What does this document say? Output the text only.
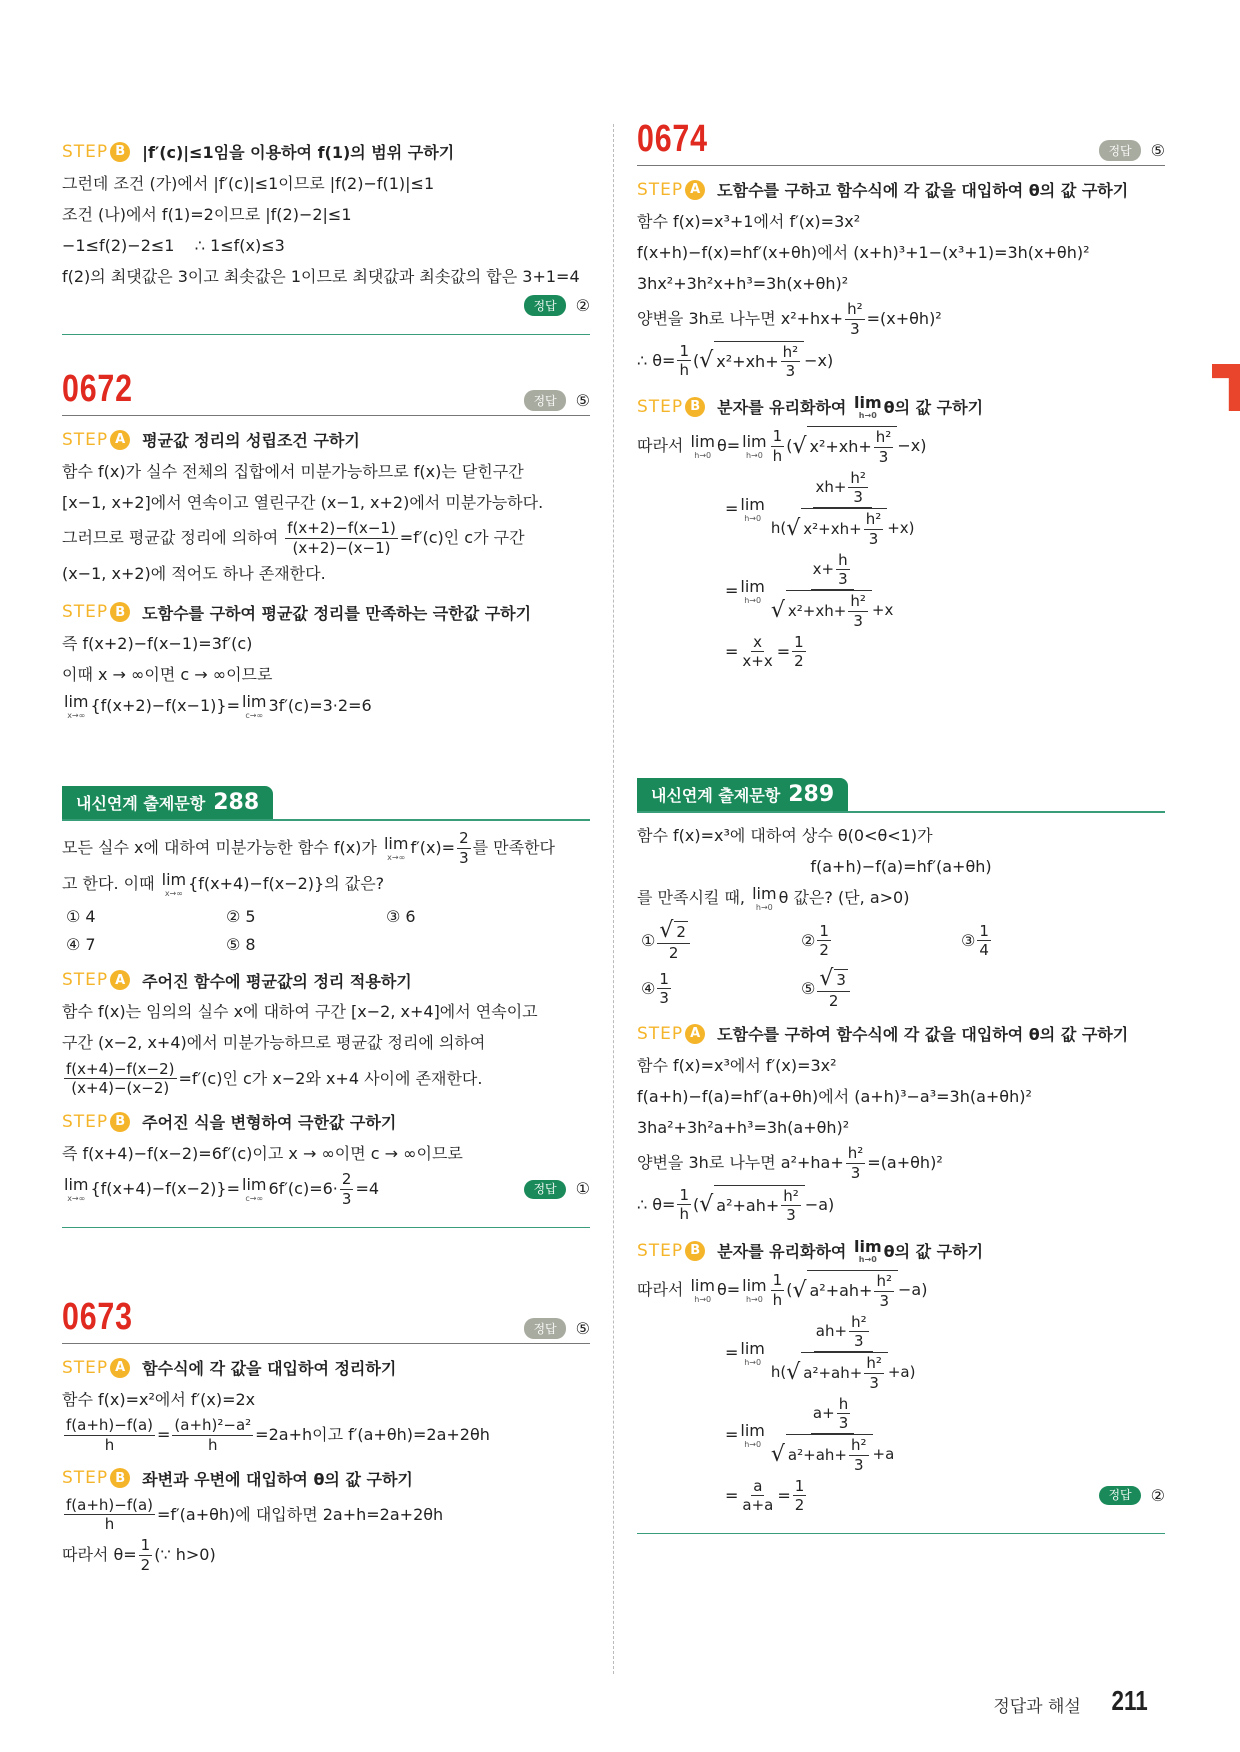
STEP B	|f′(c)|≤1임을 이용하여 f(1)의 범위 구하기
그런데 조건 (가)에서 |f′(c)|≤1이므로 |f(2)−f(1)|≤1
조건 (나)에서 f(1)=2이므로 |f(2)−2|≤1
−1≤f(2)−2≤1    ∴ 1≤f(x)≤3
f(2)의 최댓값은 3이고 최솟값은 1이므로 최댓값과 최솟값의 합은 3+1=4
정답	②
0672	정답	⑤
STEP A	평균값 정리의 성립조건 구하기
함수 f(x)가 실수 전체의 집합에서 미분가능하므로 f(x)는 닫힌구간
[x−1, x+2]에서 연속이고 열린구간 (x−1, x+2)에서 미분가능하다.
그러므로 평균값 정리에 의하여 $\frac{f(x+2)-f(x-1)}{(x+2)-(x-1)} =f'(c)$인 c가 구간
(x−1, x+2)에 적어도 하나 존재한다.
STEP B	도함수를 구하여 평균값 정리를 만족하는 극한값 구하기
즉 f(x+2)−f(x−1)=3f′(c)
이때 x → ∞이면 c → ∞이므로
lim
x→∞
{f(x+2)−f(x−1)}= lim
c→∞
3f′(c)=3·2=6
내신연계 출제문항 288
모든 실수 x에 대하여 미분가능한 함수 f(x)가 lim
x→∞
$f'(x)= \frac{2}{3}$ 를 만족한다
고 한다. 이때 lim
x→∞
{f(x+4)−f(x−2)}의 값은?
① 4	② 5	③ 6
④ 7	⑤ 8
STEP A	주어진 함수에 평균값의 정리 적용하기
함수 f(x)는 임의의 실수 x에 대하여 구간 [x−2, x+4]에서 연속이고
구간 (x−2, x+4)에서 미분가능하므로 평균값 정리에 의하여
$\frac{f(x+4)-f(x-2)}{(x+4)-(x-2)} =f'(c)$인 c가 x−2와 x+4 사이에 존재한다.
STEP B	주어진 식을 변형하여 극한값 구하기
즉 f(x+4)−f(x−2)=6f′(c)이고 x → ∞이면 c → ∞이므로
lim
x→∞
{f(x+4)−f(x−2)}= lim
c→∞
$6f'(c)=6\cdot \frac{2}{3} =4$	정답	①
0673	정답	⑤
STEP A	함수식에 각 값을 대입하여 정리하기
함수 f(x)=x²에서 f′(x)=2x
$\frac{f(a+h)-f(a)}{h} = \frac{\text{(a+h)²−a²}}{h} =2a+h$이고 f′(a+θh)=2a+2θh
STEP B	좌변과 우변에 대입하여 θ의 값 구하기
$\frac{f(a+h)-f(a)}{h} =f'(a+\theta h)$에 대입하면 2a+h=2a+2θh
따라서 $\theta= \frac{1}{2}$ (∵ h>0)
0674	정답	⑤
STEP A	도함수를 구하고 함수식에 각 값을 대입하여 θ의 값 구하기
함수 f(x)=x³+1에서 f′(x)=3x²
f(x+h)−f(x)=hf′(x+θh)에서 (x+h)³+1−(x³+1)=3h(x+θh)²
3hx²+3h²x+h³=3h(x+θh)²
양변을 3h로 나누면 $x^2+hx+ \frac{\text{h²}}{3} =(x+\theta h)^2$
∴ $\theta= \frac{1}{h}$ ( √ $x^2+xh+ \frac{\text{h²}}{3} -x$)
STEP B	분자를 유리화하여 lim
h→0 θ의 값 구하기
따라서 lim
h→0
θ= lim
$h\to 0 \frac{1}{h}$ ( √ $x^2+xh+ \frac{\text{h²}}{3} -x$)
= lim
$h\to 0 \frac{xh+ \frac{\text{h²}}{3}}{h( √ x^2+xh+ \frac{\text{h²}}{3} +x)}$
= lim
h→0 $x+ \frac{h}{3}$
√ $x^2+xh+ \frac{\text{h²}}{3} +x$
= $\frac{x}{x+x} = \frac{1}{2}$
내신연계 출제문항 289
함수 f(x)=x³에 대하여 상수 θ(0<θ<1)가
f(a+h)−f(a)=hf′(a+θh)
를 만족시킬 때, lim
h→0
θ 값은? (단, a>0)
① √ $\frac{2}{2}$	② $\frac{1}{2}$	③ $\frac{1}{4}$
④ $\frac{1}{3}$	⑤ √ $\frac{3}{2}$
STEP A	도함수를 구하여 함수식에 각 값을 대입하여 θ의 값 구하기
함수 f(x)=x³에서 f′(x)=3x²
f(a+h)−f(a)=hf′(a+θh)에서 (a+h)³−a³=3h(a+θh)²
3ha²+3h²a+h³=3h(a+θh)²
양변을 3h로 나누면 $a^2+ha+ \frac{\text{h²}}{3} =(a+\theta h)^2$
∴ $\theta= \frac{1}{h}$ ( √ $a^2+ah+ \frac{\text{h²}}{3} -a$)
STEP B	분자를 유리화하여 lim
h→0 θ의 값 구하기
따라서 lim
h→0
θ= lim
$h\to 0 \frac{1}{h}$ ( √ $a^2+ah+ \frac{\text{h²}}{3} -a$)
= lim
$h\to 0 \frac{ah+ \frac{\text{h²}}{3}}{h( √ a^2+ah+ \frac{\text{h²}}{3} +a)}$
= lim
h→0 $a+ \frac{h}{3}$
√ $a^2+ah+ \frac{\text{h²}}{3} +a$
= $\frac{a}{a+a} = \frac{1}{2}$	정답	②
정답과 해설 211
